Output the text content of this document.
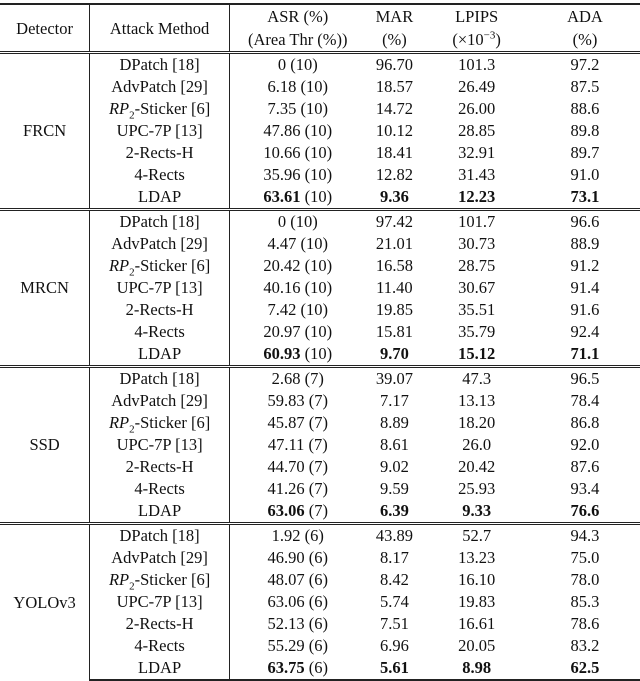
Detector	Attack Method	ASR (%)	MAR	LPIPS	ADA
		(Area Thr (%))	(%)	$(\times 10^{-3})$	(%)
FRCN	DPatch [18]	0 (10)	96.70	101.3	97.2
	AdvPatch [29]	6.18 (10)	18.57	26.49	87.5
	$RP_2$-Sticker [6]	7.35 (10)	14.72	26.00	88.6
	UPC-7P [13]	47.86 (10)	10.12	28.85	89.8
	2-Rects-H	10.66 (10)	18.41	32.91	89.7
	4-Rects	35.96 (10)	12.82	31.43	91.0
	LDAP	63.61 (10)	9.36	12.23	73.1
MRCN	DPatch [18]	0 (10)	97.42	101.7	96.6
	AdvPatch [29]	4.47 (10)	21.01	30.73	88.9
	$RP_2$-Sticker [6]	20.42 (10)	16.58	28.75	91.2
	UPC-7P [13]	40.16 (10)	11.40	30.67	91.4
	2-Rects-H	7.42 (10)	19.85	35.51	91.6
	4-Rects	20.97 (10)	15.81	35.79	92.4
	LDAP	60.93 (10)	9.70	15.12	71.1
SSD	DPatch [18]	2.68 (7)	39.07	47.3	96.5
	AdvPatch [29]	59.83 (7)	7.17	13.13	78.4
	$RP_2$-Sticker [6]	45.87 (7)	8.89	18.20	86.8
	UPC-7P [13]	47.11 (7)	8.61	26.0	92.0
	2-Rects-H	44.70 (7)	9.02	20.42	87.6
	4-Rects	41.26 (7)	9.59	25.93	93.4
	LDAP	63.06 (7)	6.39	9.33	76.6
YOLOv3	DPatch [18]	1.92 (6)	43.89	52.7	94.3
	AdvPatch [29]	46.90 (6)	8.17	13.23	75.0
	$RP_2$-Sticker [6]	48.07 (6)	8.42	16.10	78.0
	UPC-7P [13]	63.06 (6)	5.74	19.83	85.3
	2-Rects-H	52.13 (6)	7.51	16.61	78.6
	4-Rects	55.29 (6)	6.96	20.05	83.2
	LDAP	63.75 (6)	5.61	8.98	62.5
